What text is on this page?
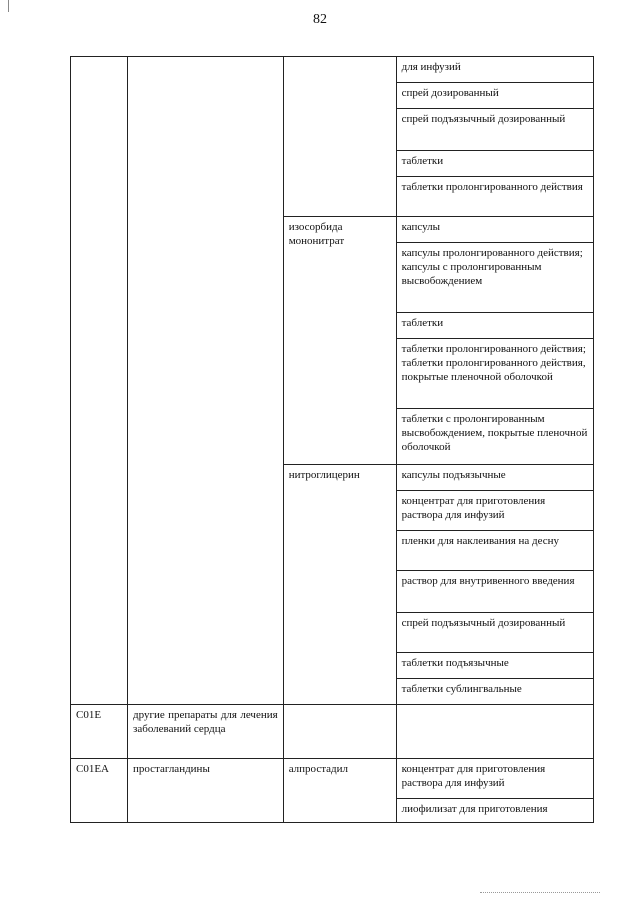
82
			для инфузий
			спрей дозированный
			спрей подъязычный дозированный
			таблетки
			таблетки пролонгированного действия
		изосорбида мононитрат	капсулы
			капсулы пролонгированного действия; капсулы с пролонгированным высвобождением
			таблетки
			таблетки пролонгированного действия; таблетки пролонгированного действия, покрытые пленочной оболочкой
			таблетки с пролонгированным высвобождением, покрытые пленочной оболочкой
		нитроглицерин	капсулы подъязычные
			концентрат для приготовления раствора для инфузий
			пленки для наклеивания на десну
			раствор для внутривенного введения
			спрей подъязычный дозированный
			таблетки подъязычные
			таблетки сублингвальные
C01E	другие препараты для лечения заболеваний сердца		
C01EA	простагландины	алпростадил	концентрат для приготовления раствора для инфузий
			лиофилизат для приготовления
